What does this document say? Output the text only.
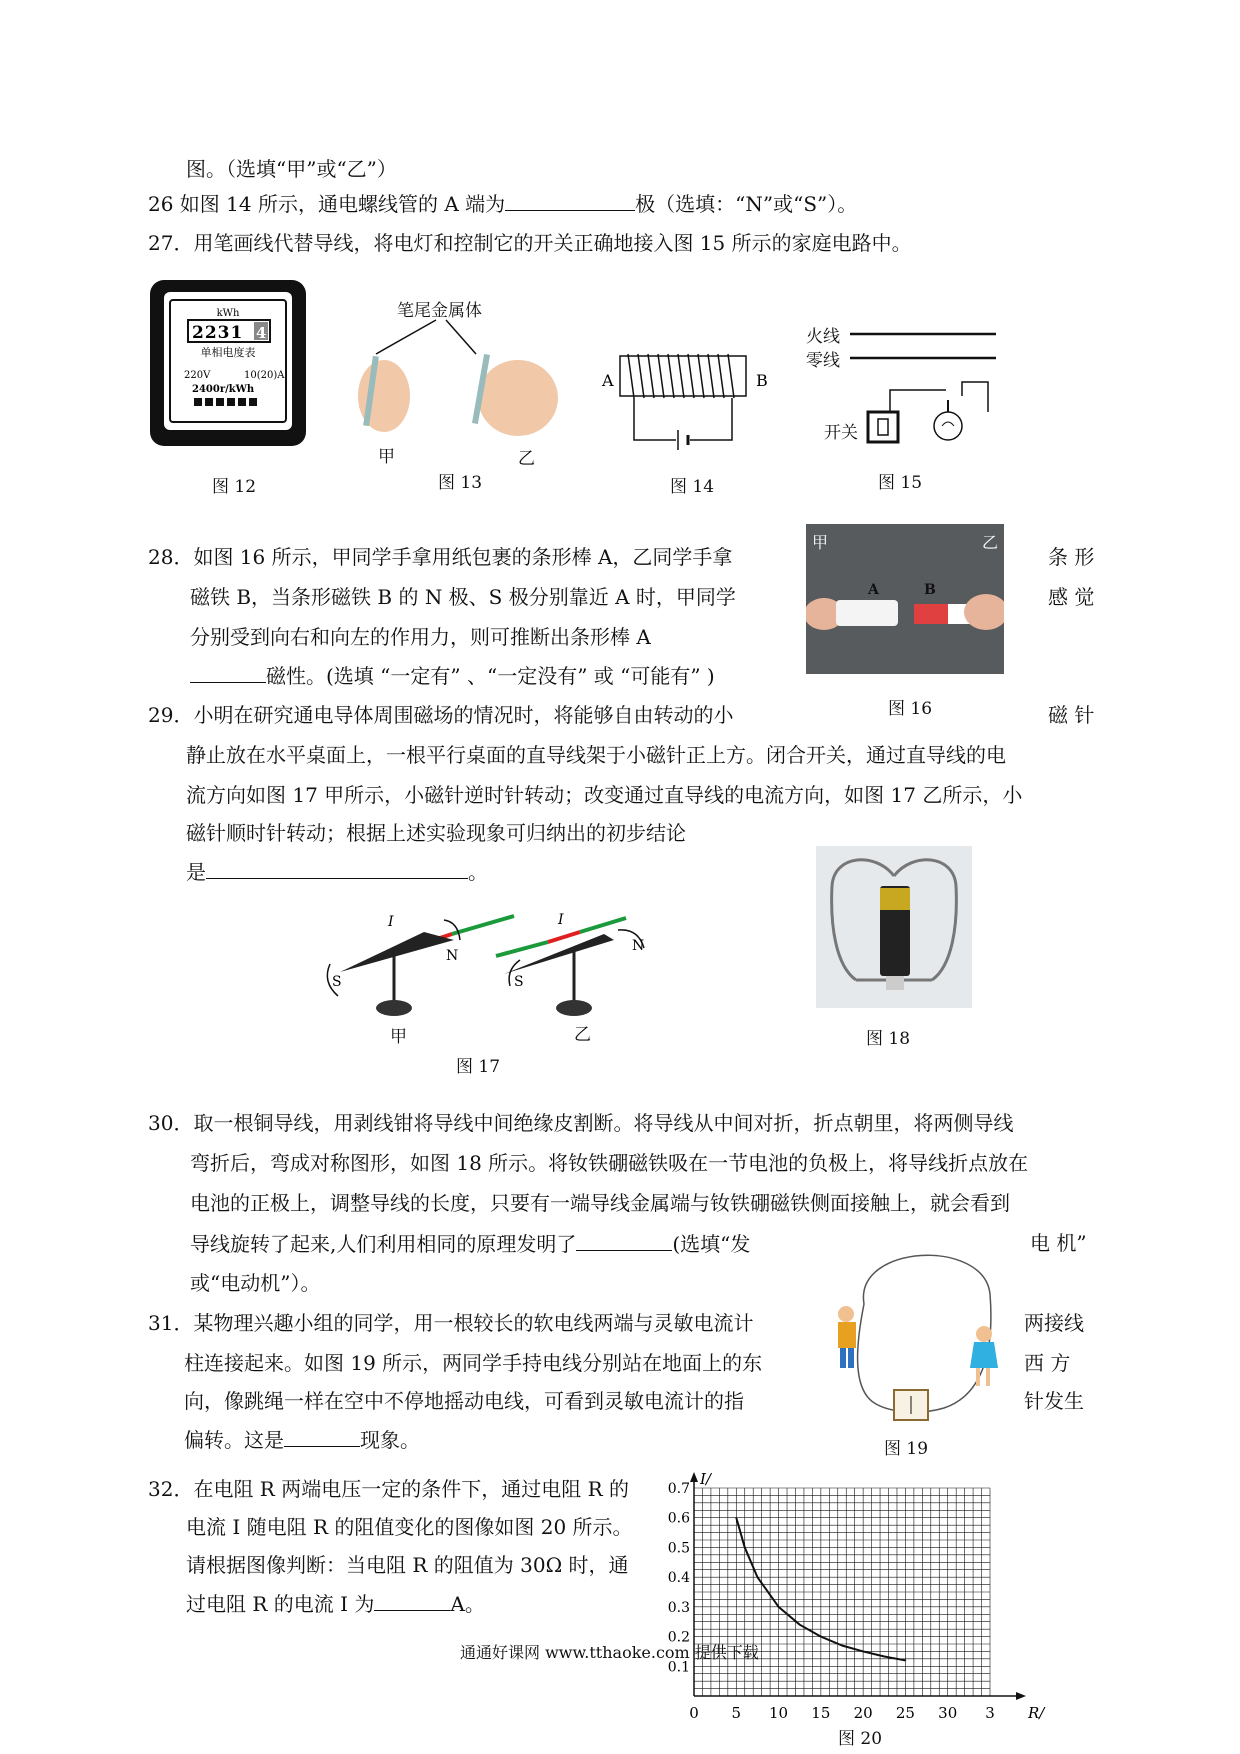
图。（选填“甲”或“乙”）
26 如图 14 所示，通电螺线管的 A 端为	极（选填：“N”或“S”）。
27．用笔画线代替导线，将电灯和控制它的开关正确地接入图 15 所示的家庭电路中。
kWh
2231 4
单相电度表
220V	10(20)A
2400r/kWh
图 12
笔尾金属体
甲
图 13
乙
A	B
图 14
火线
零线
开关
图 15
28．如图 16 所示，甲同学手拿用纸包裹的条形棒 A，乙同学手拿	条 形
磁铁 B，当条形磁铁 B 的 N 极、S 极分别靠近 A 时，甲同学	感 觉
分别受到向右和向左的作用力，则可推断出条形棒 A
磁性。(选填 “一定有” 、“一定没有” 或 “可能有” )
甲	乙
A	B
图 16
29．小明在研究通电导体周围磁场的情况时，将能够自由转动的小	磁 针
静止放在水平桌面上，一根平行桌面的直导线架于小磁针正上方。闭合开关，通过直导线的电
流方向如图 17 甲所示，小磁针逆时针转动；改变通过直导线的电流方向，如图 17 乙所示，小
磁针顺时针转动；根据上述实验现象可归纳出的初步结论
是	。
I
N
S
I
N
S
甲	乙
图 17
图 18
30．取一根铜导线，用剥线钳将导线中间绝缘皮割断。将导线从中间对折，折点朝里，将两侧导线
弯折后，弯成对称图形，如图 18 所示。将钕铁硼磁铁吸在一节电池的负极上，将导线折点放在
电池的正极上，调整导线的长度，只要有一端导线金属端与钕铁硼磁铁侧面接触上，就会看到
导线旋转了起来,人们利用相同的原理发明了	(选填“发	电 机”
或“电动机”）。
图 19
31．某物理兴趣小组的同学，用一根较长的软电线两端与灵敏电流计	两接线
柱连接起来。如图 19 所示，两同学手持电线分别站在地面上的东	西 方
向，像跳绳一样在空中不停地摇动电线，可看到灵敏电流计的指	针发生
偏转。这是	现象。
32．在电阻 R 两端电压一定的条件下，通过电阻 R 的
电流 I 随电阻 R 的阻值变化的图像如图 20 所示。
请根据图像判断：当电阻 R 的阻值为 30Ω 时，通
过电阻 R 的电流 I 为	A。
I/
R/
0 5 10 15 20 25 30 3
0.1
0.2
0.3
0.4
0.5
0.6
0.7
图 20
通通好课网 www.tthaoke.com 提供下载
